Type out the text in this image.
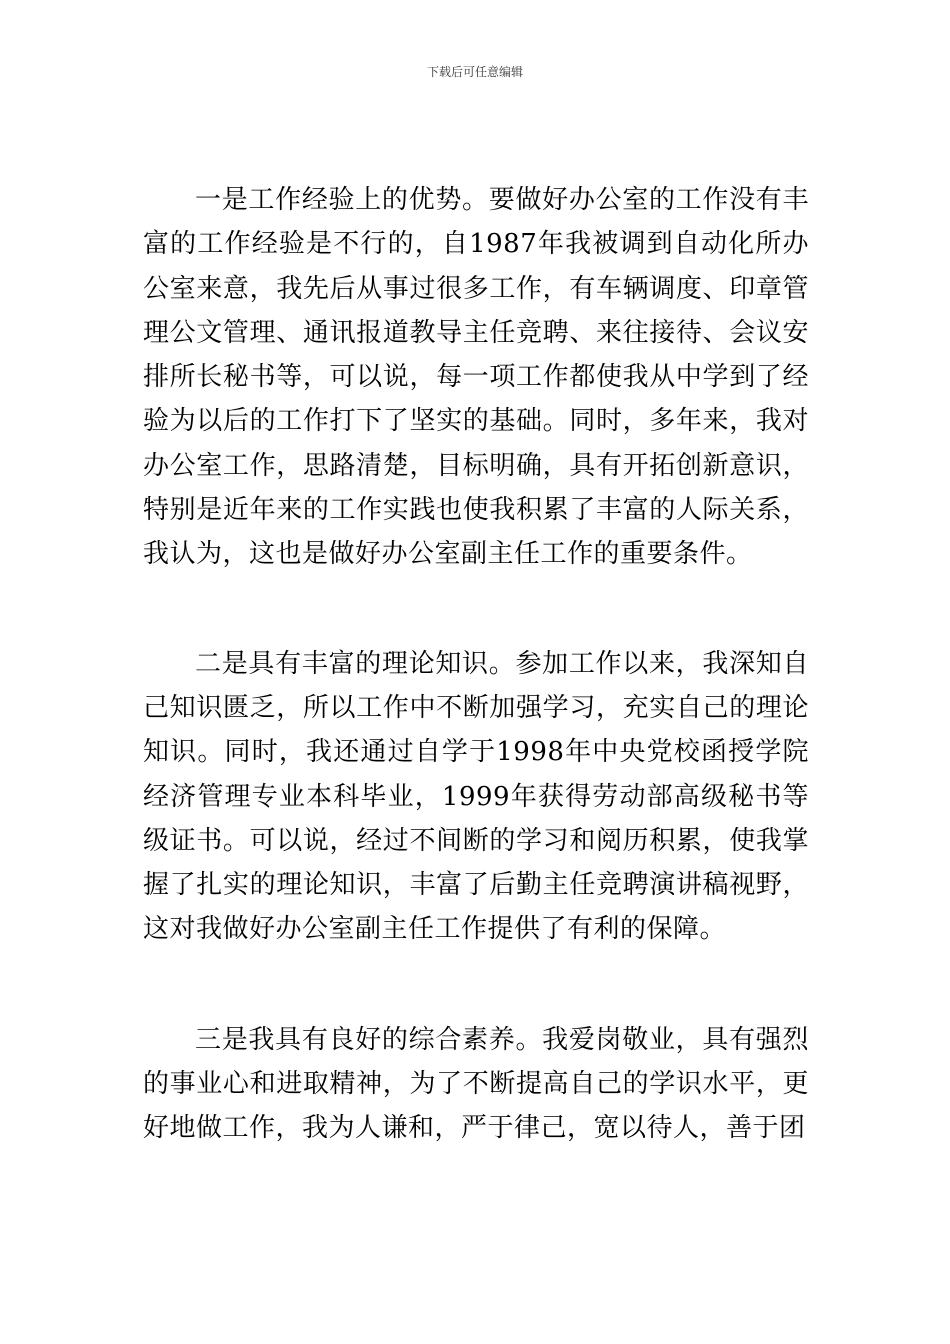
下载后可任意编辑

一是工作经验上的优势。要做好办公室的工作没有丰富的工作经验是不行的，自1987年我被调到自动化所办公室来意，我先后从事过很多工作，有车辆调度、印章管理公文管理、通讯报道教导主任竞聘、来往接待、会议安排所长秘书等，可以说，每一项工作都使我从中学到了经验为以后的工作打下了坚实的基础。同时，多年来，我对办公室工作，思路清楚，目标明确，具有开拓创新意识，特别是近年来的工作实践也使我积累了丰富的人际关系，我认为，这也是做好办公室副主任工作的重要条件。

二是具有丰富的理论知识。参加工作以来，我深知自己知识匮乏，所以工作中不断加强学习，充实自己的理论知识。同时，我还通过自学于1998年中央党校函授学院经济管理专业本科毕业，1999年获得劳动部高级秘书等级证书。可以说，经过不间断的学习和阅历积累，使我掌握了扎实的理论知识，丰富了后勤主任竞聘演讲稿视野，这对我做好办公室副主任工作提供了有利的保障。

三是我具有良好的综合素养。我爱岗敬业，具有强烈的事业心和进取精神，为了不断提高自己的学识水平，更好地做工作，我为人谦和，严于律己，宽以待人，善于团
